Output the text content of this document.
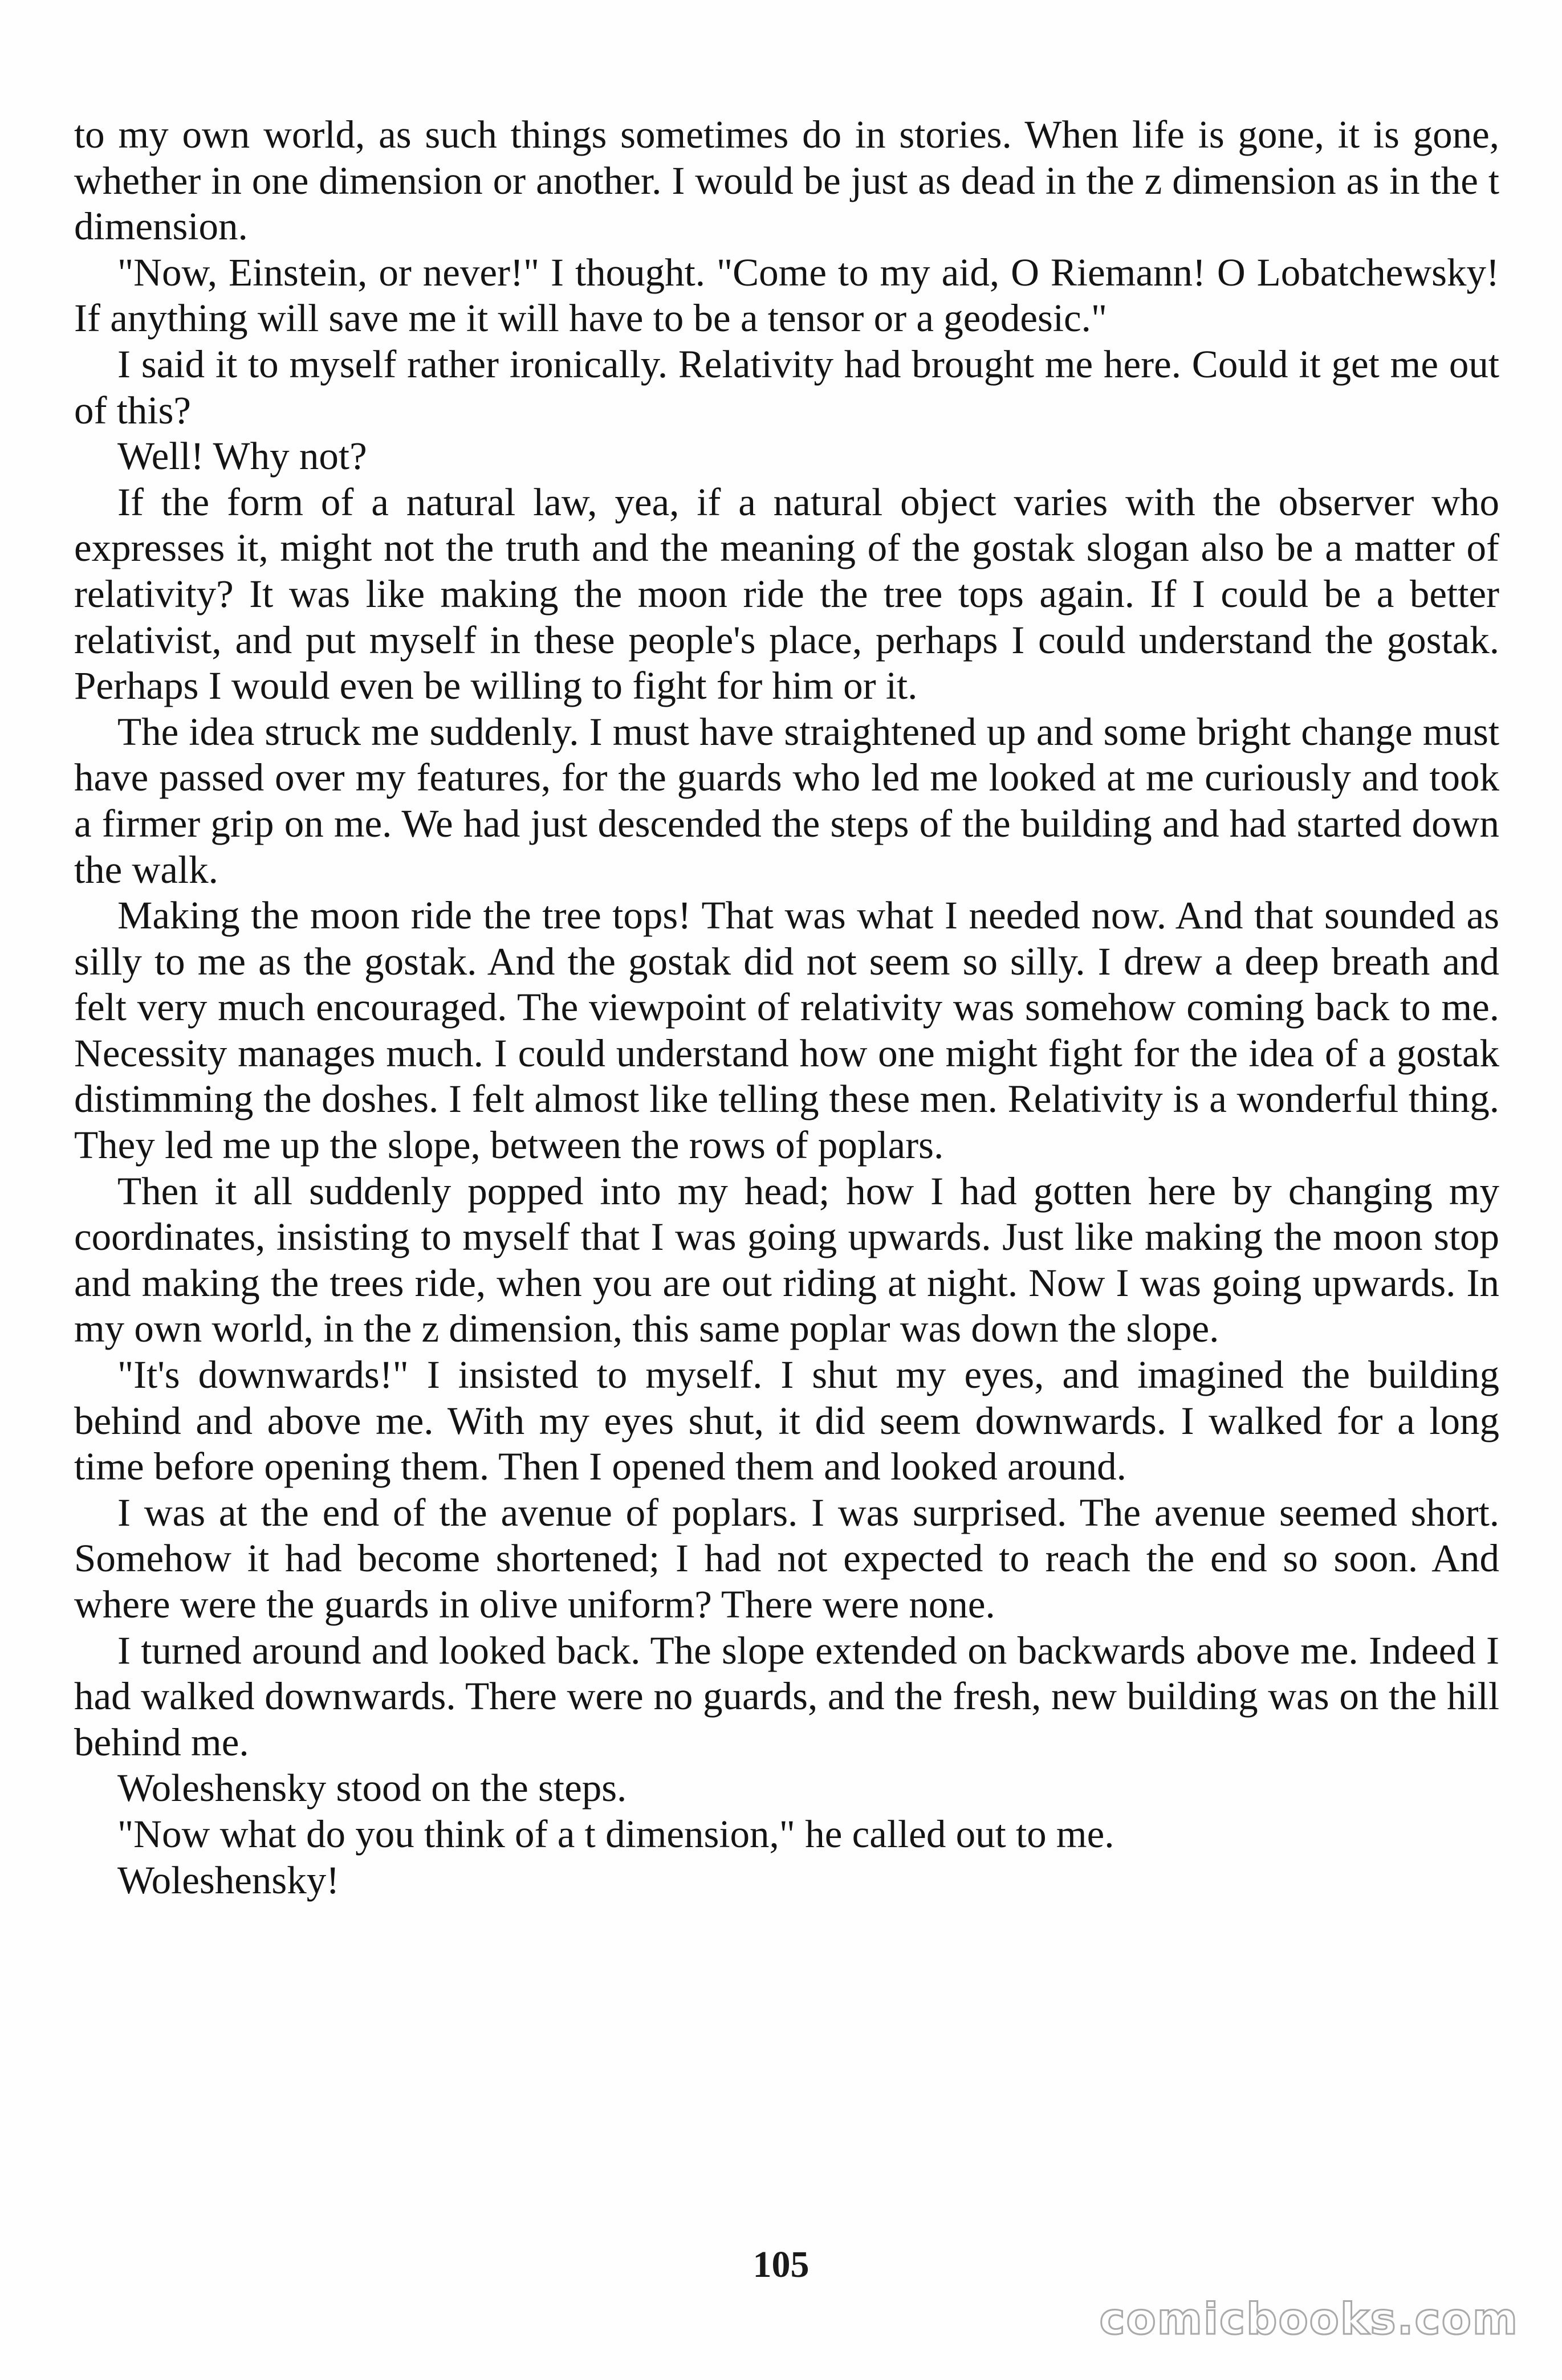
to my own world, as such things sometimes do in stories. When life is gone, it is gone, whether in one dimension or another. I would be just as dead in the z dimension as in the t dimension.

"Now, Einstein, or never!" I thought. "Come to my aid, O Riemann! O Lobatchewsky! If anything will save me it will have to be a tensor or a geodesic."

I said it to myself rather ironically. Relativity had brought me here. Could it get me out of this?

Well! Why not?

If the form of a natural law, yea, if a natural object varies with the observer who expresses it, might not the truth and the meaning of the gostak slogan also be a matter of relativity? It was like making the moon ride the tree tops again. If I could be a better relativist, and put myself in these people's place, perhaps I could understand the gostak. Perhaps I would even be willing to fight for him or it.

The idea struck me suddenly. I must have straightened up and some bright change must have passed over my features, for the guards who led me looked at me curiously and took a firmer grip on me. We had just descended the steps of the building and had started down the walk.

Making the moon ride the tree tops! That was what I needed now. And that sounded as silly to me as the gostak. And the gostak did not seem so silly. I drew a deep breath and felt very much encouraged. The viewpoint of relativity was somehow coming back to me. Necessity manages much. I could understand how one might fight for the idea of a gostak distimming the doshes. I felt almost like telling these men. Relativity is a wonderful thing. They led me up the slope, between the rows of poplars.

Then it all suddenly popped into my head; how I had gotten here by changing my coordinates, insisting to myself that I was going upwards. Just like making the moon stop and making the trees ride, when you are out riding at night. Now I was going upwards. In my own world, in the z dimension, this same poplar was down the slope.

"It's downwards!" I insisted to myself. I shut my eyes, and imagined the building behind and above me. With my eyes shut, it did seem downwards. I walked for a long time before opening them. Then I opened them and looked around.

I was at the end of the avenue of poplars. I was surprised. The avenue seemed short. Somehow it had become shortened; I had not expected to reach the end so soon. And where were the guards in olive uniform? There were none.

I turned around and looked back. The slope extended on backwards above me. Indeed I had walked downwards. There were no guards, and the fresh, new building was on the hill behind me.

Woleshensky stood on the steps.

"Now what do you think of a t dimension," he called out to me.

Woleshensky!

105
comicbooks.com
